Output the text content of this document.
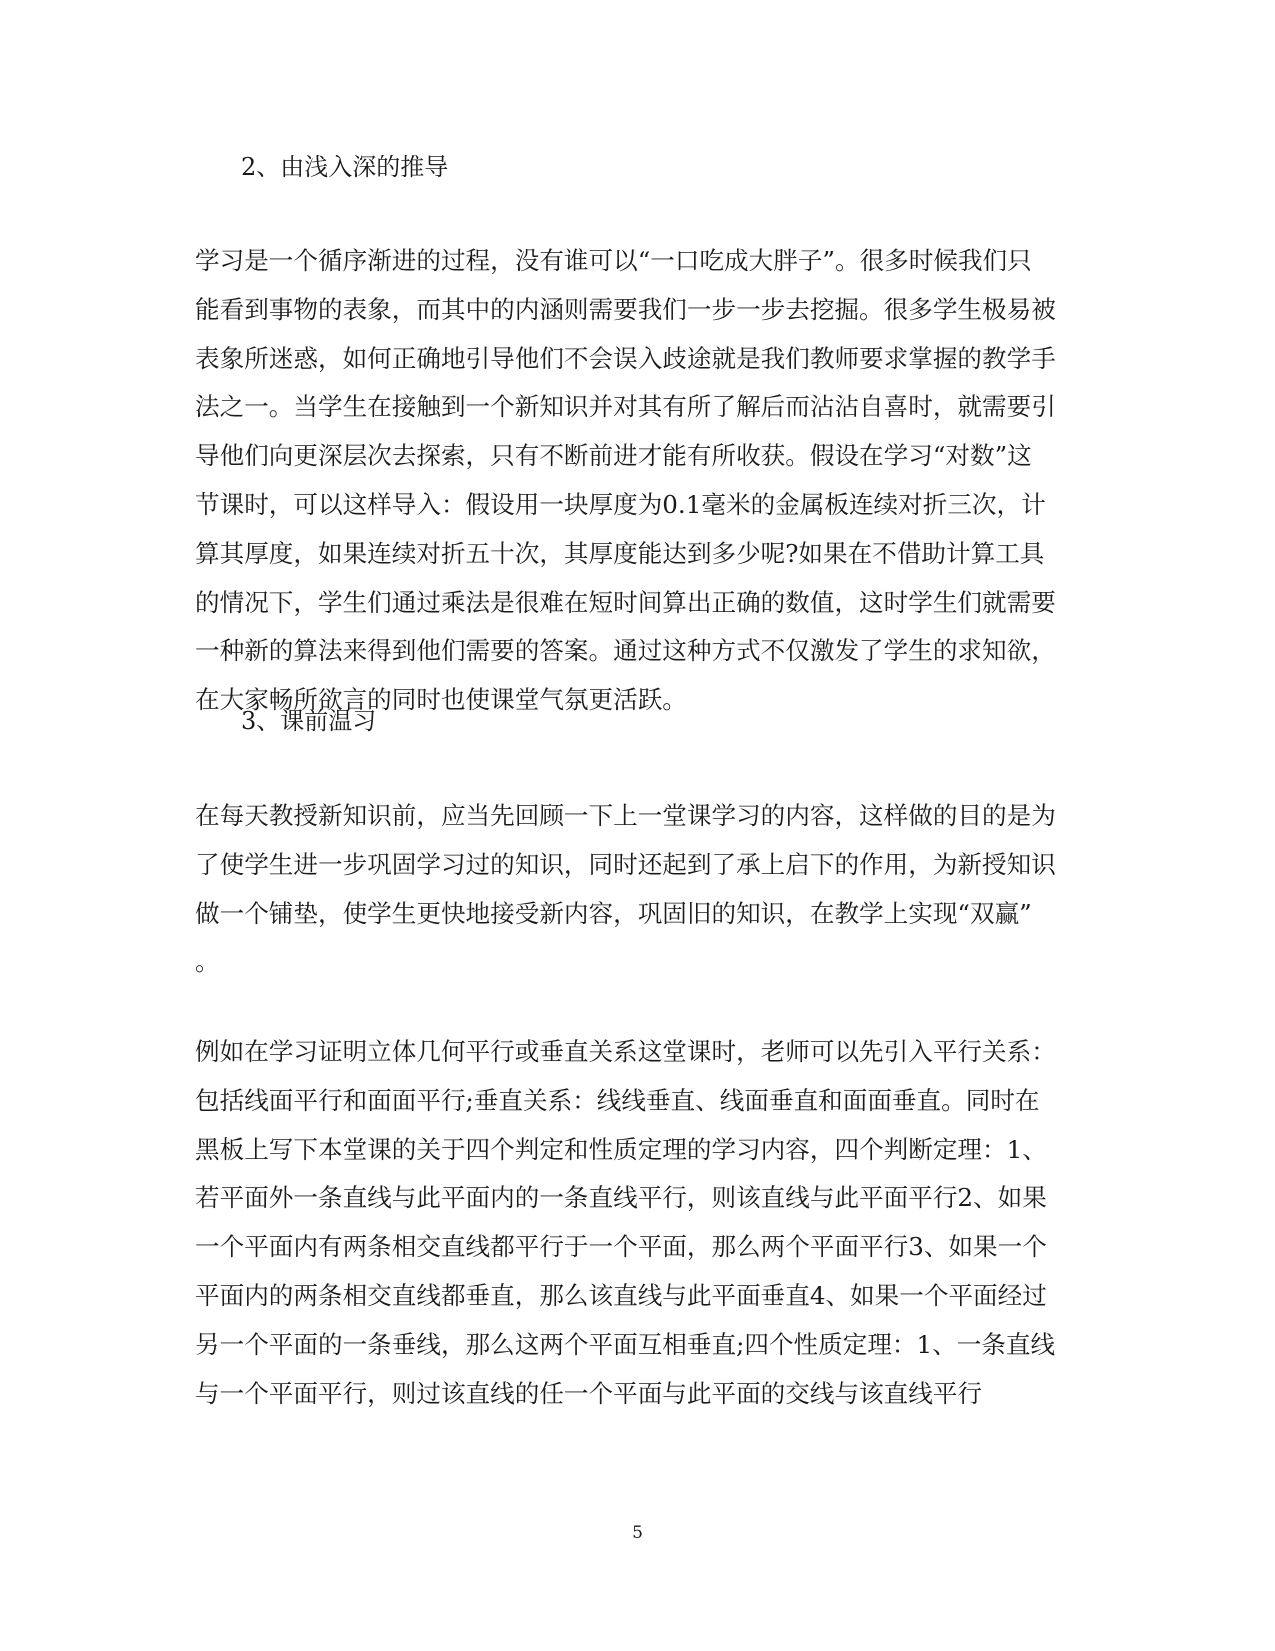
2、由浅入深的推导
学习是一个循序渐进的过程，没有谁可以“一口吃成大胖子”。很多时候我们只
能看到事物的表象，而其中的内涵则需要我们一步一步去挖掘。很多学生极易被
表象所迷惑，如何正确地引导他们不会误入歧途就是我们教师要求掌握的教学手
法之一。当学生在接触到一个新知识并对其有所了解后而沾沾自喜时，就需要引
导他们向更深层次去探索，只有不断前进才能有所收获。假设在学习“对数”这
节课时，可以这样导入：假设用一块厚度为0.1毫米的金属板连续对折三次，计
算其厚度，如果连续对折五十次，其厚度能达到多少呢?如果在不借助计算工具
的情况下，学生们通过乘法是很难在短时间算出正确的数值，这时学生们就需要
一种新的算法来得到他们需要的答案。通过这种方式不仅激发了学生的求知欲，
在大家畅所欲言的同时也使课堂气氛更活跃。
3、课前温习
在每天教授新知识前，应当先回顾一下上一堂课学习的内容，这样做的目的是为
了使学生进一步巩固学习过的知识，同时还起到了承上启下的作用，为新授知识
做一个铺垫，使学生更快地接受新内容，巩固旧的知识，在教学上实现“双赢”
。
例如在学习证明立体几何平行或垂直关系这堂课时，老师可以先引入平行关系：
包括线面平行和面面平行;垂直关系：线线垂直、线面垂直和面面垂直。同时在
黑板上写下本堂课的关于四个判定和性质定理的学习内容，四个判断定理：1、
若平面外一条直线与此平面内的一条直线平行，则该直线与此平面平行2、如果
一个平面内有两条相交直线都平行于一个平面，那么两个平面平行3、如果一个
平面内的两条相交直线都垂直，那么该直线与此平面垂直4、如果一个平面经过
另一个平面的一条垂线，那么这两个平面互相垂直;四个性质定理：1、一条直线
与一个平面平行，则过该直线的任一个平面与此平面的交线与该直线平行
5
